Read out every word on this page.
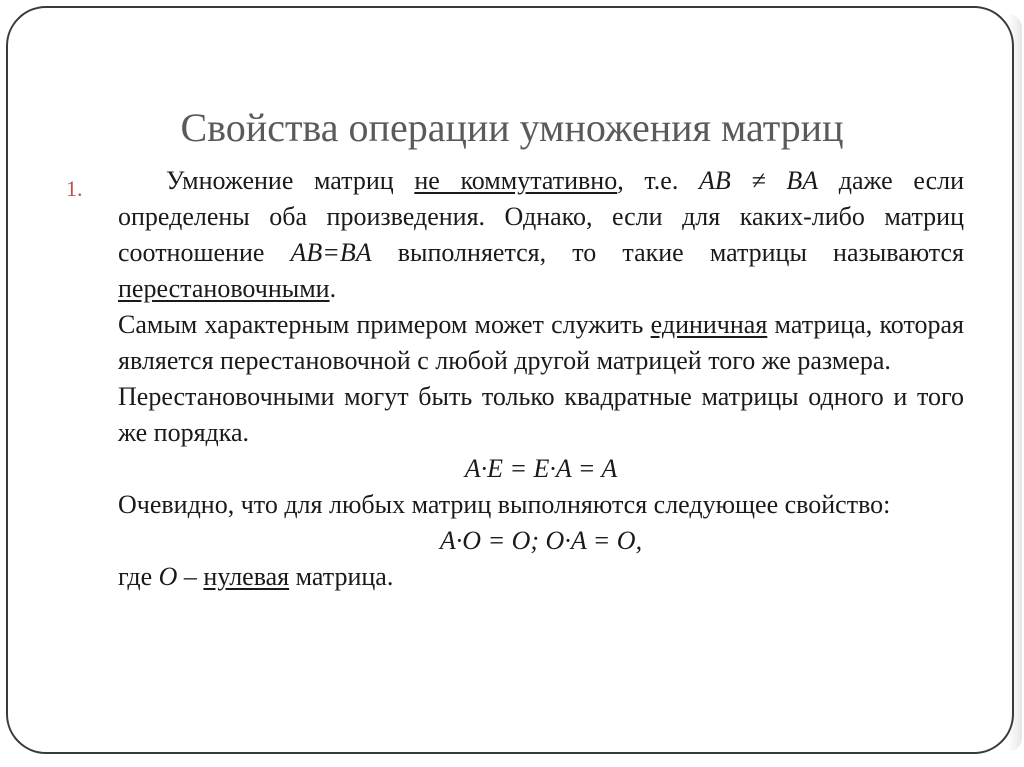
Свойства операции умножения матриц
1.	Умножение матриц не коммутативно, т.е. AB ≠ BA даже если определены оба произведения. Однако, если для каких-либо матриц соотношение AB=BA выполняется, то такие матрицы называются перестановочными.

Самым характерным примером может служить единичная матрица, которая является перестановочной с любой другой матрицей того же размера.

Перестановочными могут быть только квадратные матрицы одного и того же порядка.

A·E = E·A = A

Очевидно, что для любых матриц выполняются следующее свойство:

A·O = O; O·A = O,

где O – нулевая матрица.
